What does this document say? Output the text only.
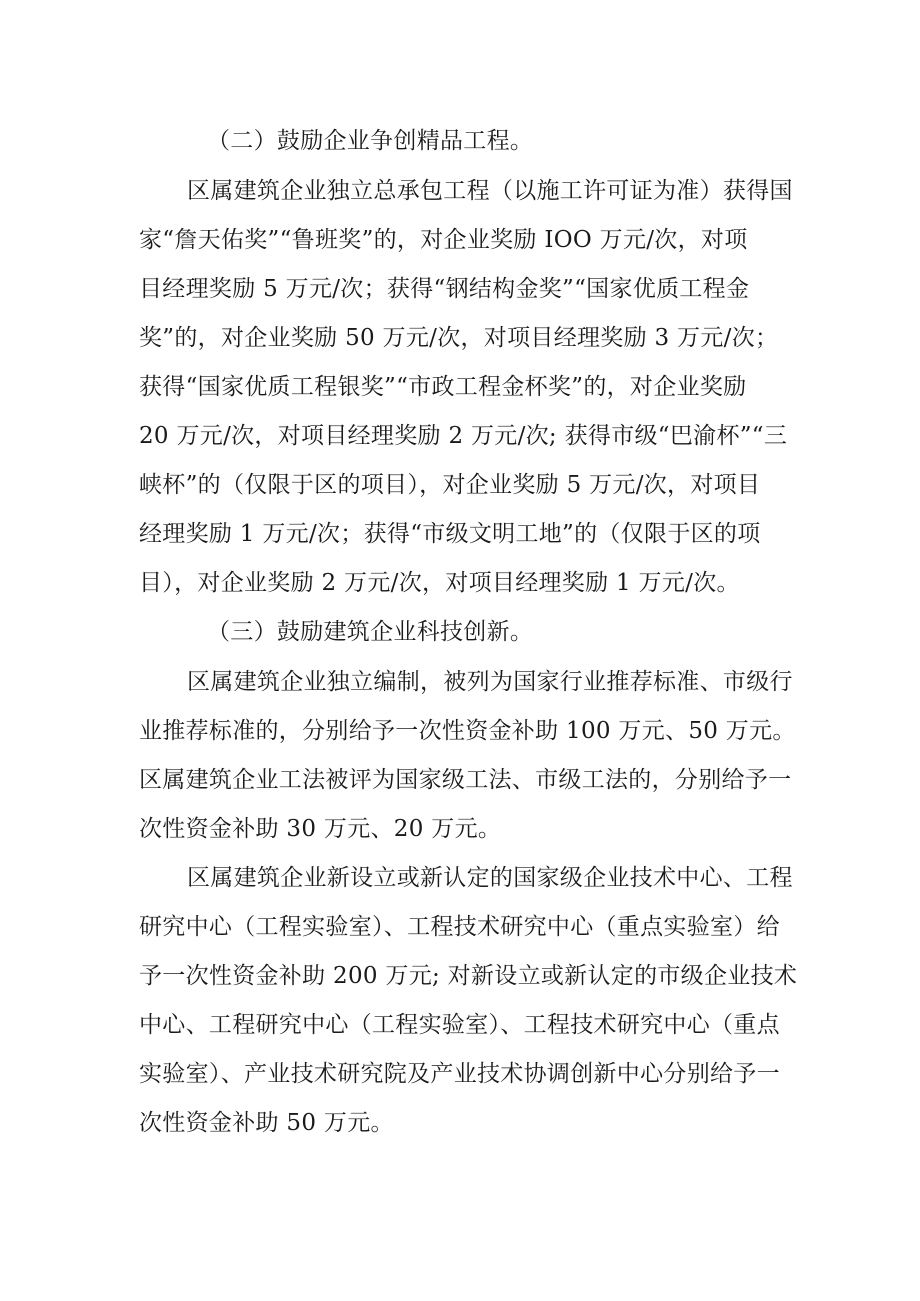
（二）鼓励企业争创精品工程。
区属建筑企业独立总承包工程（以施工许可证为准）获得国
家“詹天佑奖”“鲁班奖”的，对企业奖励 IOO 万元/次，对项
目经理奖励 5 万元/次；获得“钢结构金奖”“国家优质工程金
奖”的，对企业奖励 50 万元/次，对项目经理奖励 3 万元/次；
获得“国家优质工程银奖”“市政工程金杯奖”的，对企业奖励
20 万元/次，对项目经理奖励 2 万元/次; 获得市级“巴渝杯”“三
峡杯”的（仅限于区的项目），对企业奖励 5 万元/次，对项目
经理奖励 1 万元/次；获得“市级文明工地”的（仅限于区的项
目），对企业奖励 2 万元/次，对项目经理奖励 1 万元/次。
（三）鼓励建筑企业科技创新。
区属建筑企业独立编制，被列为国家行业推荐标准、市级行
业推荐标准的，分别给予一次性资金补助 100 万元、50 万元。
区属建筑企业工法被评为国家级工法、市级工法的，分别给予一
次性资金补助 30 万元、20 万元。
区属建筑企业新设立或新认定的国家级企业技术中心、工程
研究中心（工程实验室）、工程技术研究中心（重点实验室）给
予一次性资金补助 200 万元; 对新设立或新认定的市级企业技术
中心、工程研究中心（工程实验室）、工程技术研究中心（重点
实验室）、产业技术研究院及产业技术协调创新中心分别给予一
次性资金补助 50 万元。
